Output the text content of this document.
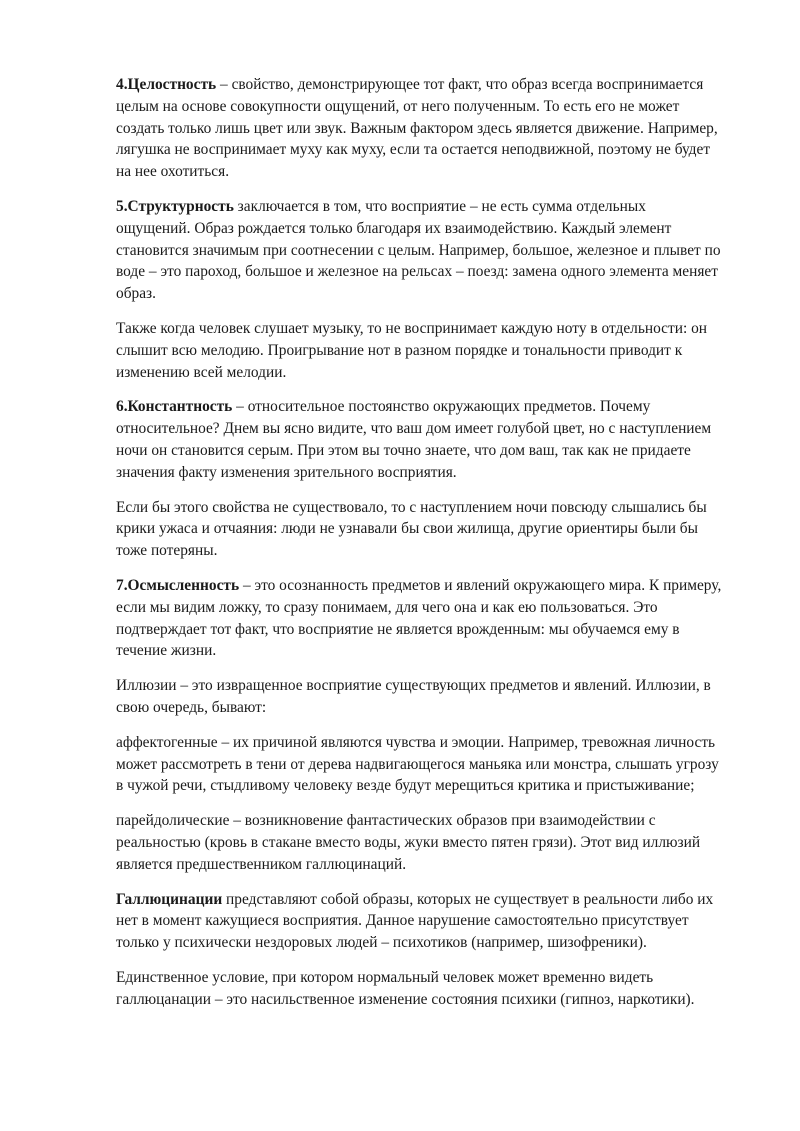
4.Целостность – свойство, демонстрирующее тот факт, что образ всегда воспринимается целым на основе совокупности ощущений, от него полученным. То есть его не может создать только лишь цвет или звук. Важным фактором здесь является движение. Например, лягушка не воспринимает муху как муху, если та остается неподвижной, поэтому не будет на нее охотиться.

5.Структурность заключается в том, что восприятие – не есть сумма отдельных ощущений. Образ рождается только благодаря их взаимодействию. Каждый элемент становится значимым при соотнесении с целым. Например, большое, железное и плывет по воде – это пароход, большое и железное на рельсах – поезд: замена одного элемента меняет образ.

Также когда человек слушает музыку, то не воспринимает каждую ноту в отдельности: он слышит всю мелодию. Проигрывание нот в разном порядке и тональности приводит к изменению всей мелодии.

6.Константность – относительное постоянство окружающих предметов. Почему относительное? Днем вы ясно видите, что ваш дом имеет голубой цвет, но с наступлением ночи он становится серым. При этом вы точно знаете, что дом ваш, так как не придаете значения факту изменения зрительного восприятия.

Если бы этого свойства не существовало, то с наступлением ночи повсюду слышались бы крики ужаса и отчаяния: люди не узнавали бы свои жилища, другие ориентиры были бы тоже потеряны.

7.Осмысленность – это осознанность предметов и явлений окружающего мира. К примеру, если мы видим ложку, то сразу понимаем, для чего она и как ею пользоваться. Это подтверждает тот факт, что восприятие не является врожденным: мы обучаемся ему в течение жизни.

Иллюзии – это извращенное восприятие существующих предметов и явлений. Иллюзии, в свою очередь, бывают:

аффектогенные – их причиной являются чувства и эмоции. Например, тревожная личность может рассмотреть в тени от дерева надвигающегося маньяка или монстра, слышать угрозу в чужой речи, стыдливому человеку везде будут мерещиться критика и пристыживание;

парейдолические – возникновение фантастических образов при взаимодействии с реальностью (кровь в стакане вместо воды, жуки вместо пятен грязи). Этот вид иллюзий является предшественником галлюцинаций.

Галлюцинации представляют собой образы, которых не существует в реальности либо их нет в момент кажущиеся восприятия. Данное нарушение самостоятельно присутствует только у психически нездоровых людей – психотиков (например, шизофреники).

Единственное условие, при котором нормальный человек может временно видеть галлюцанации – это насильственное изменение состояния психики (гипноз, наркотики).
